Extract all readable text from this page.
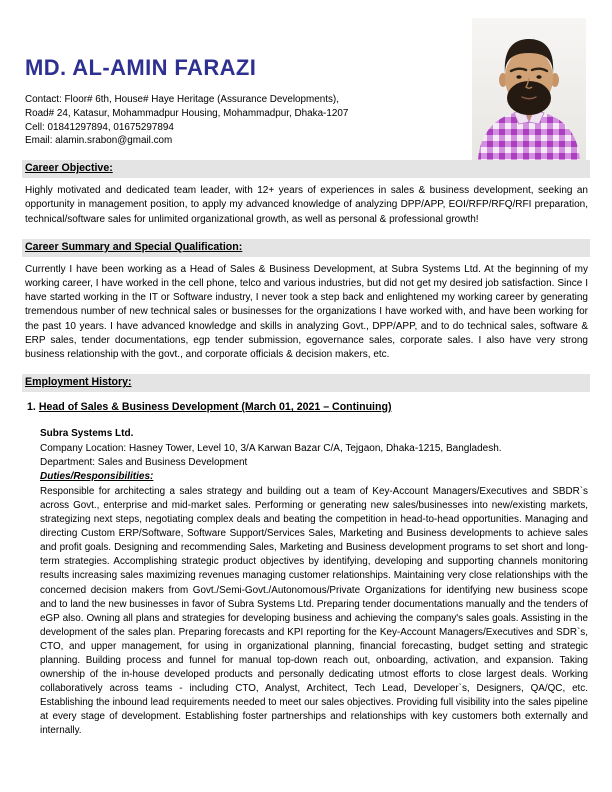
MD. AL-AMIN FARAZI
Contact: Floor# 6th, House# Haye Heritage (Assurance Developments),
Road# 24, Katasur, Mohammadpur Housing, Mohammadpur, Dhaka-1207
Cell: 01841297894, 01675297894
Email: alamin.srabon@gmail.com
Career Objective:

Highly motivated and dedicated team leader, with 12+ years of experiences in sales & business development, seeking an opportunity in management position, to apply my advanced knowledge of analyzing DPP/APP, EOI/RFP/RFQ/RFI preparation, technical/software sales for unlimited organizational growth, as well as personal & professional growth!

Career Summary and Special Qualification:

Currently I have been working as a Head of Sales & Business Development, at Subra Systems Ltd. At the beginning of my working career, I have worked in the cell phone, telco and various industries, but did not get my desired job satisfaction. Since I have started working in the IT or Software industry, I never took a step back and enlightened my working career by generating tremendous number of new technical sales or businesses for the organizations I have worked with, and have been working for the past 10 years. I have advanced knowledge and skills in analyzing Govt., DPP/APP, and to do technical sales, software & ERP sales, tender documentations, egp tender submission, egovernance sales, corporate sales. I also have very strong business relationship with the govt., and corporate officials & decision makers, etc.

Employment History:
1. Head of Sales & Business Development (March 01, 2021 – Continuing)
Subra Systems Ltd.
Company Location: Hasney Tower, Level 10, 3/A Karwan Bazar C/A, Tejgaon, Dhaka-1215, Bangladesh.
Department: Sales and Business Development
Duties/Responsibilities:

Responsible for architecting a sales strategy and building out a team of Key-Account Managers/Executives and SBDR`s across Govt., enterprise and mid-market sales. Performing or generating new sales/businesses into new/existing markets, strategizing next steps, negotiating complex deals and beating the competition in head-to-head opportunities. Managing and directing Custom ERP/Software, Software Support/Services Sales, Marketing and Business developments to achieve sales and profit goals. Designing and recommending Sales, Marketing and Business development programs to set short and long-term strategies. Accomplishing strategic product objectives by identifying, developing and supporting channels monitoring results increasing sales maximizing revenues managing customer relationships. Maintaining very close relationships with the concerned decision makers from Govt./Semi-Govt./Autonomous/Private Organizations for identifying new business scope and to land the new businesses in favor of Subra Systems Ltd. Preparing tender documentations manually and the tenders of eGP also. Owning all plans and strategies for developing business and achieving the company's sales goals. Assisting in the development of the sales plan. Preparing forecasts and KPI reporting for the Key-Account Managers/Executives and SDR`s, CTO, and upper management, for using in organizational planning, financial forecasting, budget setting and strategic planning. Building process and funnel for manual top-down reach out, onboarding, activation, and expansion. Taking ownership of the in-house developed products and personally dedicating utmost efforts to close largest deals. Working collaboratively across teams - including CTO, Analyst, Architect, Tech Lead, Developer`s, Designers, QA/QC, etc. Establishing the inbound lead requirements needed to meet our sales objectives. Providing full visibility into the sales pipeline at every stage of development. Establishing foster partnerships and relationships with key customers both externally and internally.
